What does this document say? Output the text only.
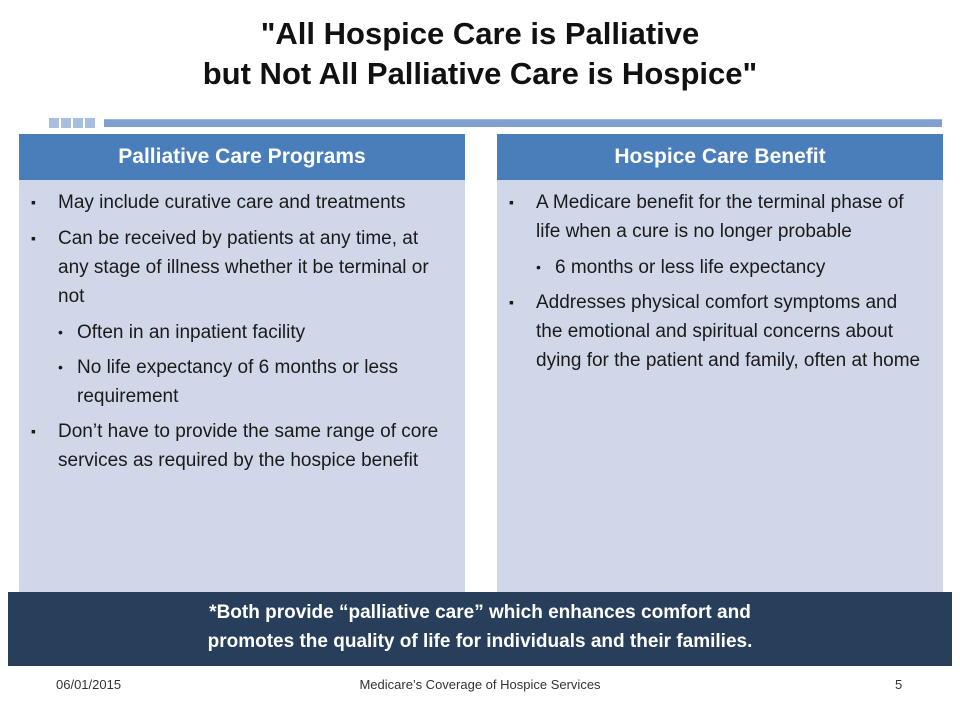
"All Hospice Care is Palliative
but Not All Palliative Care is Hospice"
Palliative Care Programs
▪	May include curative care and treatments
▪	Can be received by patients at any time, at any stage of illness whether it be terminal or not
• Often in an inpatient facility
• No life expectancy of 6 months or less requirement
▪	Don’t have to provide the same range of core services as required by the hospice benefit
Hospice Care Benefit
▪	A Medicare benefit for the terminal phase of life when a cure is no longer probable
• 6 months or less life expectancy
▪	Addresses physical comfort symptoms and the emotional and spiritual concerns about dying for the patient and family, often at home
*Both provide “palliative care” which enhances comfort and
promotes the quality of life for individuals and their families.
06/01/2015	Medicare’s Coverage of Hospice Services	5
